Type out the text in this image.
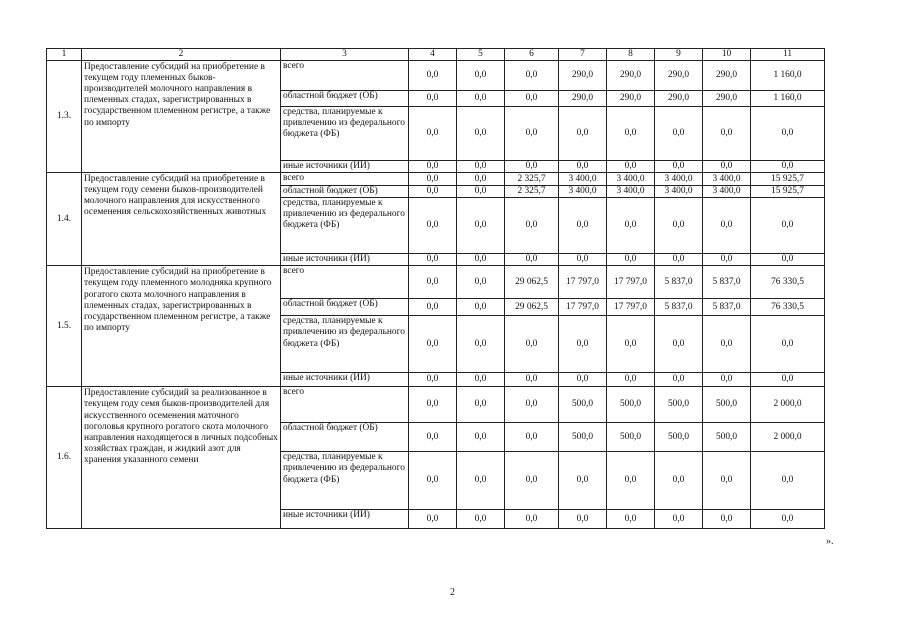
1	2	3	4	5	6	7	8	9	10	11
1.3.	Предоставление субсидий на приобретение в текущем году племенных быков-производителей молочного направления в племенных стадах, зарегистрированных в государственном племенном регистре, а также по импорту	всего	0,0	0,0	0,0	290,0	290,0	290,0	290,0	1 160,0
		областной бюджет (ОБ)	0,0	0,0	0,0	290,0	290,0	290,0	290,0	1 160,0
		средства, планируемые к привлечению из федерального бюджета (ФБ)	0,0	0,0	0,0	0,0	0,0	0,0	0,0	0,0
		иные источники (ИИ)	0,0	0,0	0,0	0,0	0,0	0,0	0,0	0,0
1.4.	Предоставление субсидий на приобретение в текущем году семени быков-производителей молочного направления для искусственного осеменения сельскохозяйственных животных	всего	0,0	0,0	2 325,7	3 400,0	3 400,0	3 400,0	3 400,0	15 925,7
		областной бюджет (ОБ)	0,0	0,0	2 325,7	3 400,0	3 400,0	3 400,0	3 400,0	15 925,7
		средства, планируемые к привлечению из федерального бюджета (ФБ)	0,0	0,0	0,0	0,0	0,0	0,0	0,0	0,0
		иные источники (ИИ)	0,0	0,0	0,0	0,0	0,0	0,0	0,0	0,0
1.5.	Предоставление субсидий на приобретение в текущем году племенного молодняка крупного рогатого скота молочного направления в племенных стадах, зарегистрированных в государственном племенном регистре, а также по импорту	всего	0,0	0,0	29 062,5	17 797,0	17 797,0	5 837,0	5 837,0	76 330,5
		областной бюджет (ОБ)	0,0	0,0	29 062,5	17 797,0	17 797,0	5 837,0	5 837,0	76 330,5
		средства, планируемые к привлечению из федерального бюджета (ФБ)	0,0	0,0	0,0	0,0	0,0	0,0	0,0	0,0
		иные источники (ИИ)	0,0	0,0	0,0	0,0	0,0	0,0	0,0	0,0
1.6.	Предоставление субсидий за реализованное в текущем году семя быков-производителей для искусственного осеменения маточного поголовья крупного рогатого скота молочного направления находящегося в личных подсобных хозяйствах граждан, и жидкий азот для хранения указанного семени	всего	0,0	0,0	0,0	500,0	500,0	500,0	500,0	2 000,0
		областной бюджет (ОБ)	0,0	0,0	0,0	500,0	500,0	500,0	500,0	2 000,0
		средства, планируемые к привлечению из федерального бюджета (ФБ)	0,0	0,0	0,0	0,0	0,0	0,0	0,0	0,0
		иные источники (ИИ)	0,0	0,0	0,0	0,0	0,0	0,0	0,0	0,0
».
2
